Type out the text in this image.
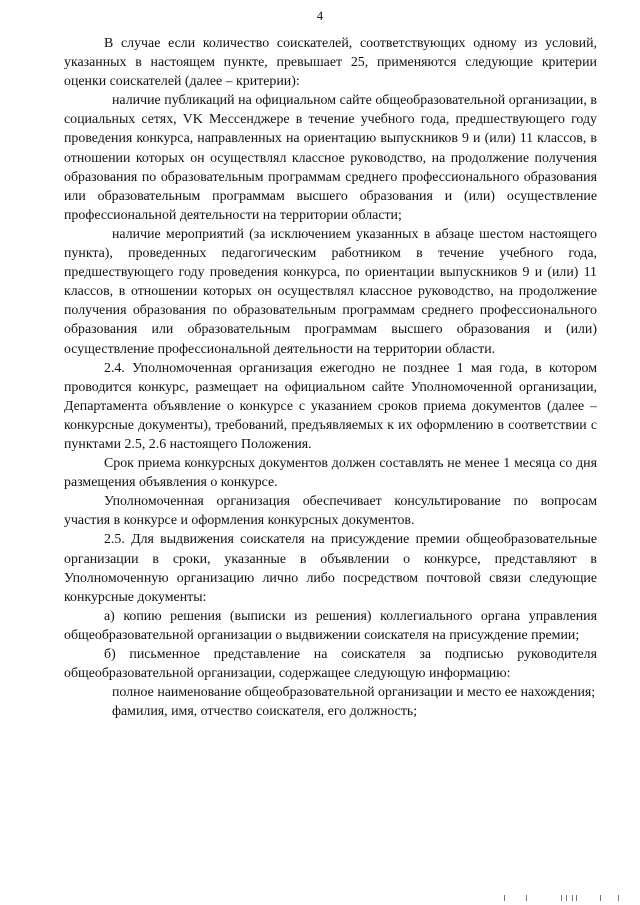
4

В случае если количество соискателей, соответствующих одному из условий, указанных в настоящем пункте, превышает 25, применяются следующие критерии оценки соискателей (далее – критерии):

наличие публикаций на официальном сайте общеобразовательной организации, в социальных сетях, VK Мессенджере в течение учебного года, предшествующего году проведения конкурса, направленных на ориентацию выпускников 9 и (или) 11 классов, в отношении которых он осуществлял классное руководство, на продолжение получения образования по образовательным программам среднего профессионального образования или образовательным программам высшего образования и (или) осуществление профессиональной деятельности на территории области;

наличие мероприятий (за исключением указанных в абзаце шестом настоящего пункта), проведенных педагогическим работником в течение учебного года, предшествующего году проведения конкурса, по ориентации выпускников 9 и (или) 11 классов, в отношении которых он осуществлял классное руководство, на продолжение получения образования по образовательным программам среднего профессионального образования или образовательным программам высшего образования и (или) осуществление профессиональной деятельности на территории области.

2.4. Уполномоченная организация ежегодно не позднее 1 мая года, в котором проводится конкурс, размещает на официальном сайте Уполномоченной организации, Департамента объявление о конкурсе с указанием сроков приема документов (далее – конкурсные документы), требований, предъявляемых к их оформлению в соответствии с пунктами 2.5, 2.6 настоящего Положения.

Срок приема конкурсных документов должен составлять не менее 1 месяца со дня размещения объявления о конкурсе.

Уполномоченная организация обеспечивает консультирование по вопросам участия в конкурсе и оформления конкурсных документов.

2.5. Для выдвижения соискателя на присуждение премии общеобразовательные организации в сроки, указанные в объявлении о конкурсе, представляют в Уполномоченную организацию лично либо посредством почтовой связи следующие конкурсные документы:

а) копию решения (выписки из решения) коллегиального органа управления общеобразовательной организации о выдвижении соискателя на присуждение премии;

б) письменное представление на соискателя за подписью руководителя общеобразовательной организации, содержащее следующую информацию:

полное наименование общеобразовательной организации и место ее нахождения;

фамилия, имя, отчество соискателя, его должность;
